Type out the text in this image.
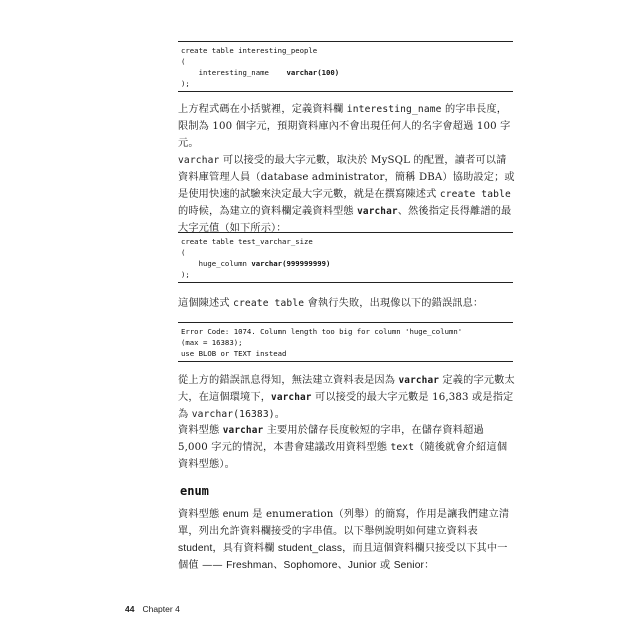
create table interesting_people
(
interesting_name varchar(100)
);

上方程式碼在小括號裡，定義資料欄 interesting_name 的字串長度，限制為 100 個字元，預期資料庫內不會出現任何人的名字會超過 100 字元。

varchar 可以接受的最大字元數，取決於 MySQL 的配置，讀者可以請資料庫管理人員（database administrator，簡稱 DBA）協助設定；或是使用快速的試驗來決定最大字元數，就是在撰寫陳述式 create table 的時候，為建立的資料欄定義資料型態 varchar、然後指定長得離譜的最大字元值（如下所示）：

create table test_varchar_size
(
huge_column varchar(999999999)
);

這個陳述式 create table 會執行失敗，出現像以下的錯誤訊息：

Error Code: 1074. Column length too big for column 'huge_column'
(max = 16383);
use BLOB or TEXT instead

從上方的錯誤訊息得知，無法建立資料表是因為 varchar 定義的字元數太大，在這個環境下，varchar 可以接受的最大字元數是 16,383 或是指定為 varchar(16383)。

資料型態 varchar 主要用於儲存長度較短的字串，在儲存資料超過 5,000 字元的情況，本書會建議改用資料型態 text（隨後就會介紹這個資料型態）。

enum

資料型態 enum 是 enumeration（列舉）的簡寫，作用是讓我們建立清單，列出允許資料欄接受的字串值。以下舉例說明如何建立資料表 student，具有資料欄 student_class，而且這個資料欄只接受以下其中一個值 —— Freshman、Sophomore、Junior 或 Senior：

44 Chapter 4
